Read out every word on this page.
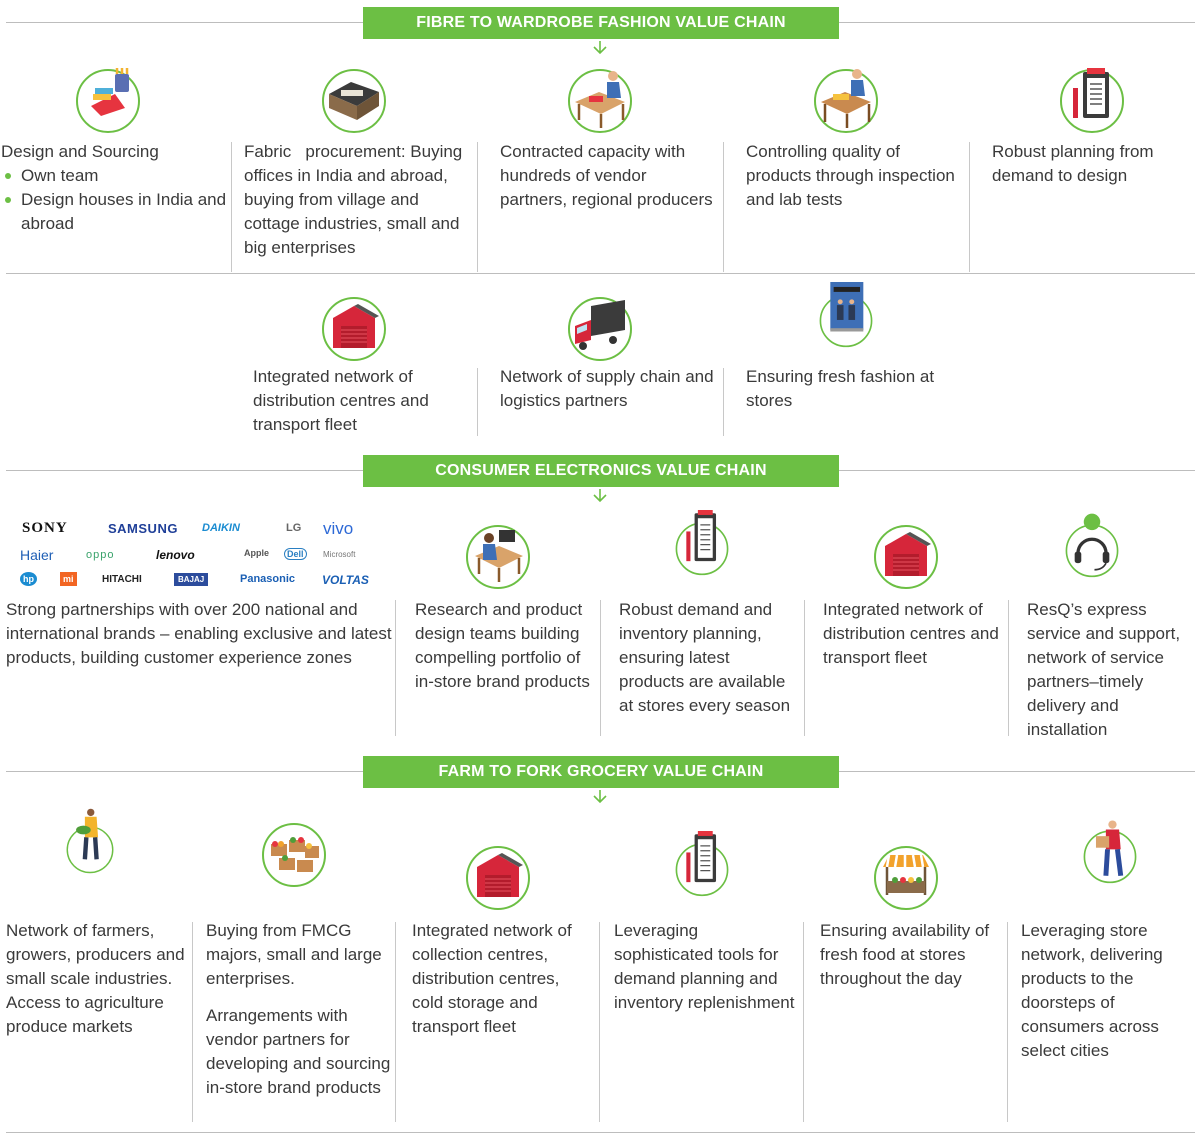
FIBRE TO WARDROBE FASHION VALUE CHAIN
CONSUMER ELECTRONICS VALUE CHAIN
FARM TO FORK GROCERY VALUE CHAIN
Design and Sourcing
Own team
Design houses in India and abroad
Fabric   procurement: Buying offices in India and abroad, buying from village and cottage industries, small and big enterprises
Contracted capacity with hundreds of vendor partners, regional producers
Controlling quality of products through inspection and lab tests
Robust planning from demand to design
Integrated network of distribution centres and transport fleet
Network of supply chain and logistics partners
Ensuring fresh fashion at stores
SONY	SAMSUNG DAIKIN	LG vivo
Haier	oppo	lenovo	Apple	Dell	Microsoft
hp	mi	HITACHI	BAJAJ	Panasonic VOLTAS
Strong partnerships with over 200 national and international brands – enabling exclusive and latest products, building customer experience zones
Research and product design teams building compelling portfolio of in-store brand products
Robust demand and inventory planning, ensuring latest products are available at stores every season
Integrated network of distribution centres and transport fleet
ResQ’s express service and support, network of service partners–timely delivery and installation
Network of farmers, growers, producers and small scale industries. Access to agriculture produce markets
Buying from FMCG majors, small and large enterprises.
Arrangements with vendor partners for developing and sourcing in-store brand products
Integrated network of collection centres, distribution centres, cold storage and transport fleet
Leveraging sophisticated tools for demand planning and inventory replenishment
Ensuring availability of fresh food at stores throughout the day
Leveraging store network, delivering products to the doorsteps of consumers across select cities
